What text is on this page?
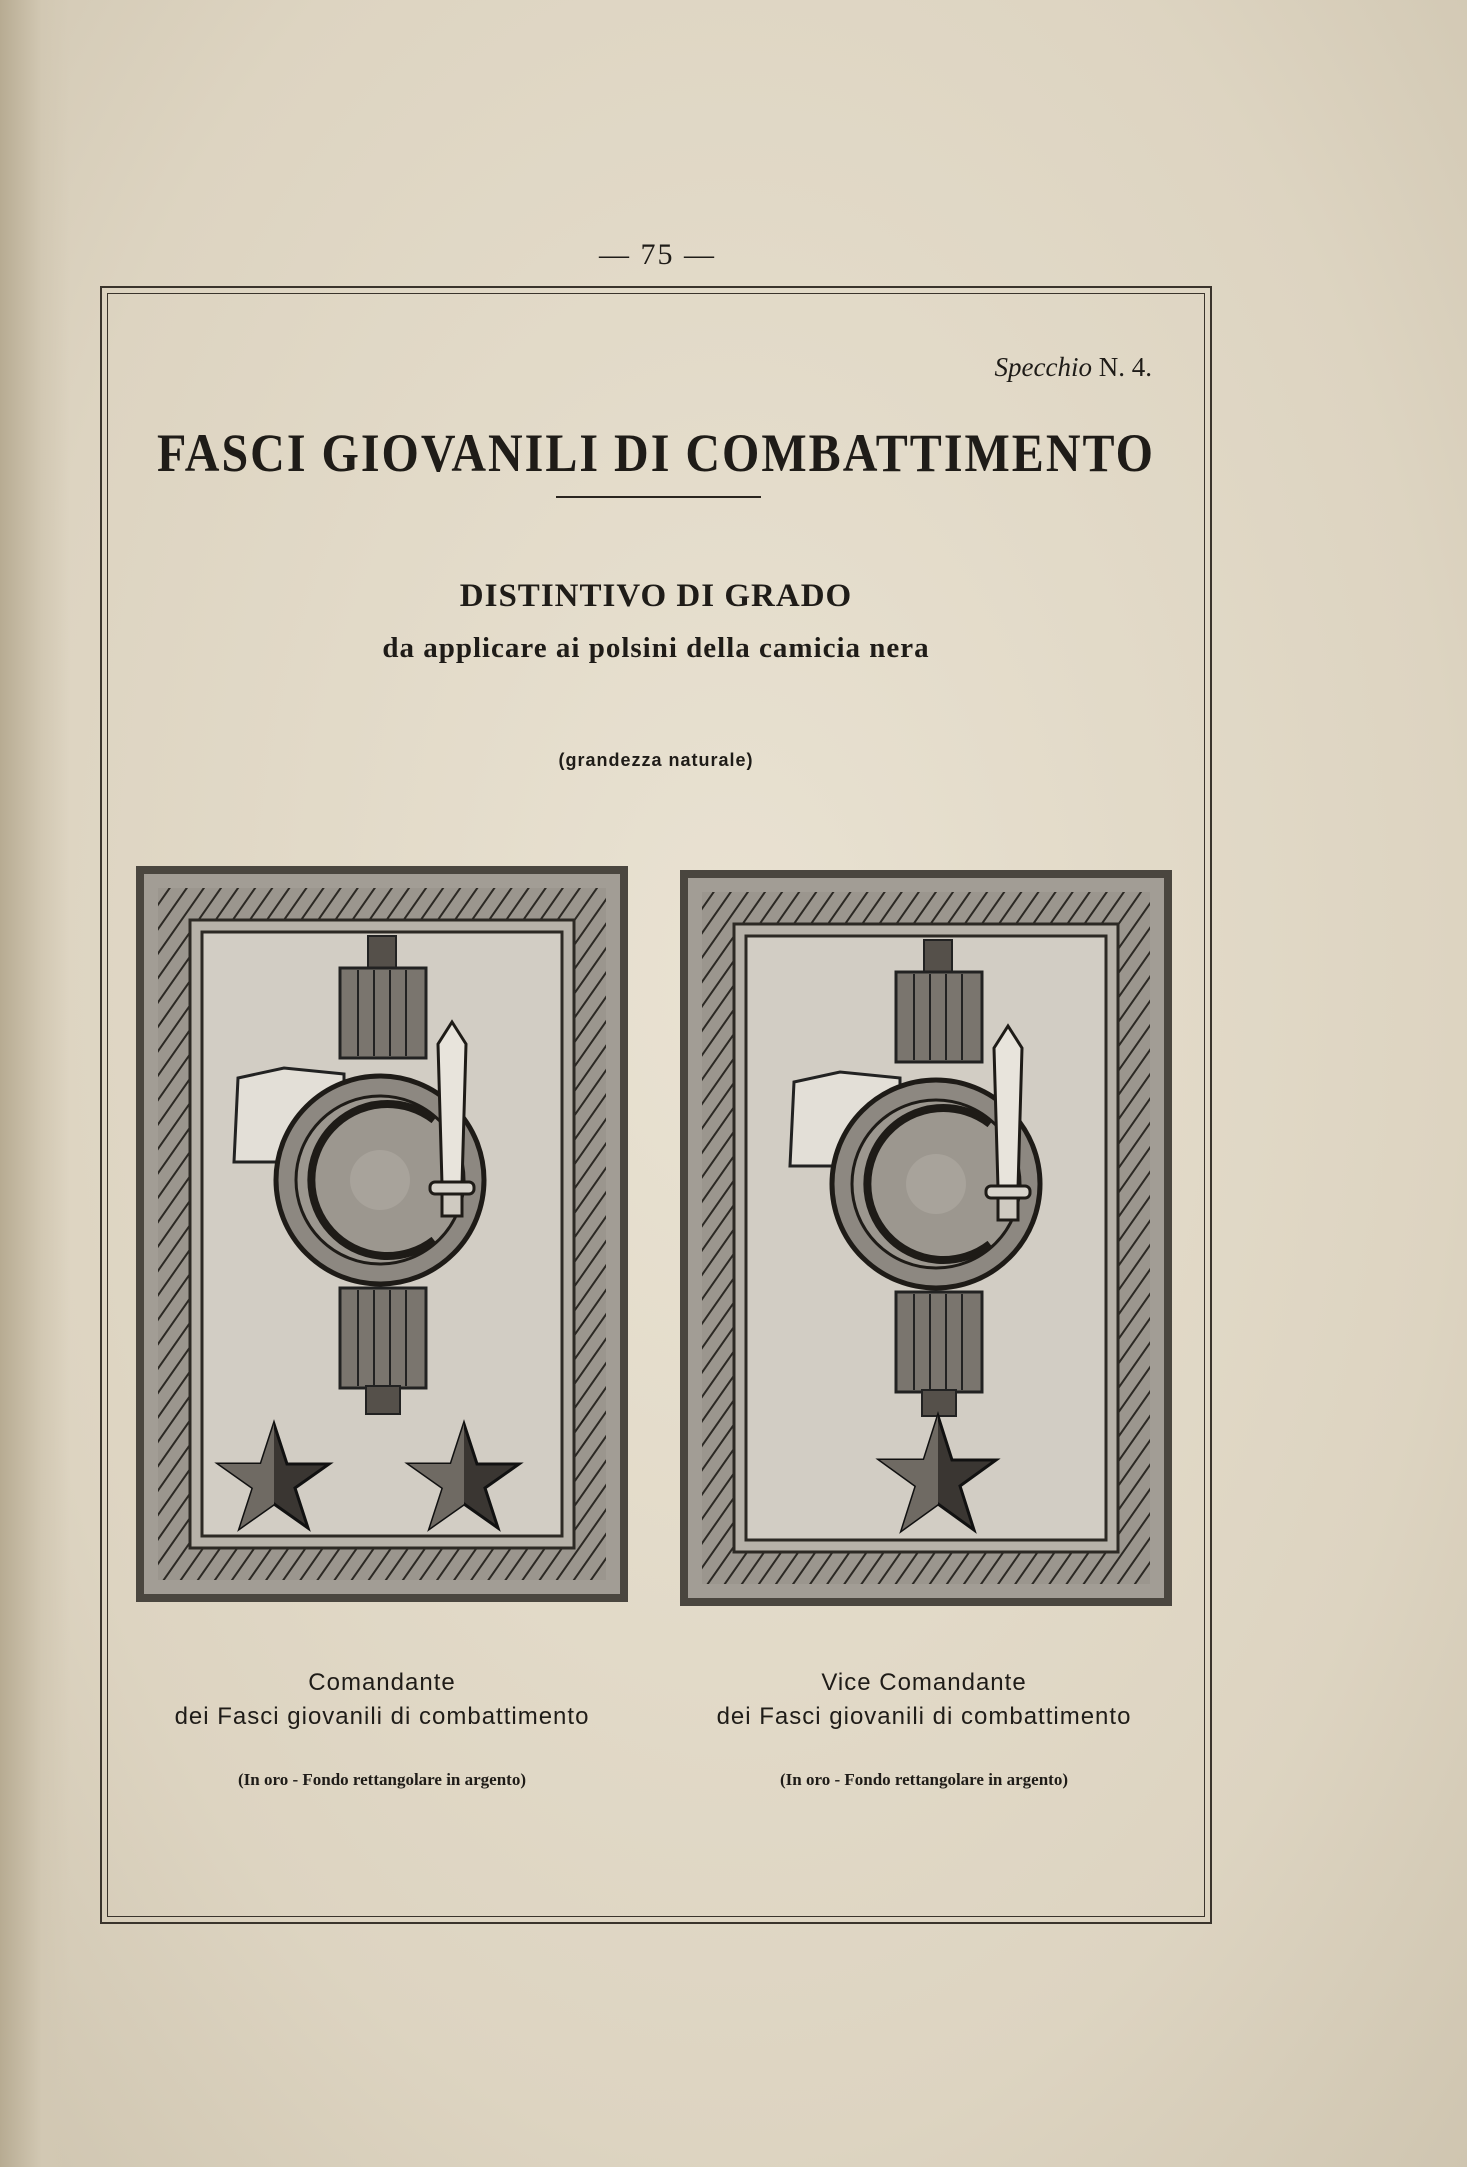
— 75 —
Specchio N. 4.
FASCI GIOVANILI DI COMBATTIMENTO
DISTINTIVO DI GRADO
da applicare ai polsini della camicia nera
(grandezza naturale)
Comandante
dei Fasci giovanili di combattimento
Vice Comandante
dei Fasci giovanili di combattimento
(In oro - Fondo rettangolare in argento)	(In oro - Fondo rettangolare in argento)
